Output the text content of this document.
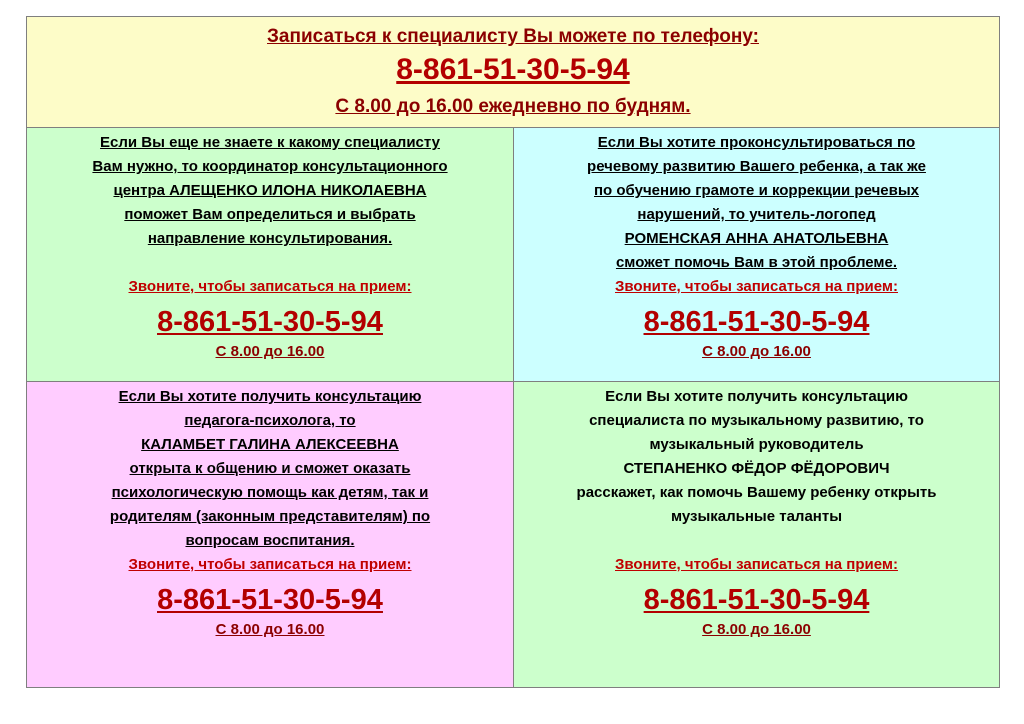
Записаться к специалисту Вы можете по телефону:
8-861-51-30-5-94
С 8.00 до 16.00 ежедневно по будням.
Если Вы еще не знаете к какому специалисту
Вам нужно, то координатор консультационного
центра АЛЕЩЕНКО ИЛОНА НИКОЛАЕВНА
поможет Вам определиться и выбрать
направление консультирования.
Звоните, чтобы записаться на прием:
8-861-51-30-5-94
С 8.00 до 16.00
Если Вы хотите проконсультироваться по
речевому развитию Вашего ребенка, а так же
по обучению грамоте и коррекции речевых
нарушений, то учитель-логопед
РОМЕНСКАЯ АННА АНАТОЛЬЕВНА
сможет помочь Вам в этой проблеме.
Звоните, чтобы записаться на прием:
8-861-51-30-5-94
С 8.00 до 16.00
Если Вы хотите получить консультацию
педагога-психолога, то
КАЛАМБЕТ ГАЛИНА АЛЕКСЕЕВНА
открыта к общению и сможет оказать
психологическую помощь как детям, так и
родителям (законным представителям) по
вопросам воспитания.
Звоните, чтобы записаться на прием:
8-861-51-30-5-94
С 8.00 до 16.00
Если Вы хотите получить консультацию
специалиста по музыкальному развитию, то
музыкальный руководитель
СТЕПАНЕНКО ФЁДОР ФЁДОРОВИЧ
расскажет, как помочь Вашему ребенку открыть
музыкальные таланты
Звоните, чтобы записаться на прием:
8-861-51-30-5-94
С 8.00 до 16.00
